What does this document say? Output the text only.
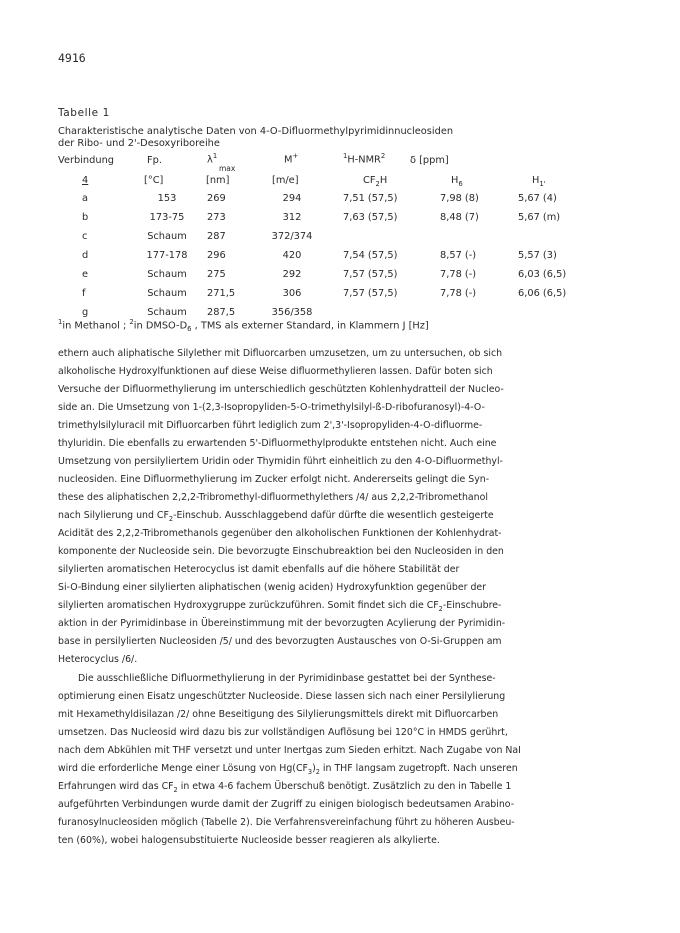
4916
Tabelle 1
Charakteristische analytische Daten von 4-O-Difluormethylpyrimidinnucleosiden
der Ribo- und 2'-Desoxyriboreihe
Verbindung	Fp.	$\lambda^1$
max
M+	$^1$H-NMR$^2$	δ [ppm]
4	[°C]	[nm]	[m/e]	$CF_2H$	$H_6$	$H_{1'}$
a	153	269	294	7,51 (57,5)	7,98 (8)	5,67 (4)
b	173-75	273	312	7,63 (57,5)	8,48 (7)	5,67 (m)
c	Schaum	287	372/374
d	177-178	296	420	7,54 (57,5)	8,57 (-)	5,57 (3)
e	Schaum	275	292	7,57 (57,5)	7,78 (-)	6,03 (6,5)
f	Schaum	271,5	306	7,57 (57,5)	7,78 (-)	6,06 (6,5)
g	Schaum	287,5	356/358
$^1$in Methanol ; $^2$in DMSO-$D_6$ , TMS als externer Standard, in Klammern J [Hz]
ethern auch aliphatische Silylether mit Difluorcarben umzusetzen, um zu untersuchen, ob sich
alkoholische Hydroxylfunktionen auf diese Weise difluormethylieren lassen. Dafür boten sich
Versuche der Difluormethylierung im unterschiedlich geschützten Kohlenhydratteil der Nucleo-
side an. Die Umsetzung von 1-(2,3-Isopropyliden-5-O-trimethylsilyl-ß-D-ribofuranosyl)-4-O-
trimethylsilyluracil mit Difluorcarben führt lediglich zum 2',3'-Isopropyliden-4-O-difluorme-
thyluridin. Die ebenfalls zu erwartenden 5'-Difluormethylprodukte entstehen nicht. Auch eine
Umsetzung von persilyliertem Uridin oder Thymidin führt einheitlich zu den 4-O-Difluormethyl-
nucleosiden. Eine Difluormethylierung im Zucker erfolgt nicht. Andererseits gelingt die Syn-
these des aliphatischen 2,2,2-Tribromethyl-difluormethylethers /4/ aus 2,2,2-Tribromethanol
nach Silylierung und $CF_2$-Einschub. Ausschlaggebend dafür dürfte die wesentlich gesteigerte
Acidität des 2,2,2-Tribromethanols gegenüber den alkoholischen Funktionen der Kohlenhydrat-
komponente der Nucleoside sein. Die bevorzugte Einschubreaktion bei den Nucleosiden in den
silylierten aromatischen Heterocyclus ist damit ebenfalls auf die höhere Stabilität der
Si-O-Bindung einer silylierten aliphatischen (wenig aciden) Hydroxyfunktion gegenüber der
silylierten aromatischen Hydroxygruppe zurückzuführen. Somit findet sich die $CF_2-Einschubre-$
aktion in der Pyrimidinbase in Übereinstimmung mit der bevorzugten Acylierung der Pyrimidin-
base in persilylierten Nucleosiden /5/ und des bevorzugten Austausches von O-Si-Gruppen am
Heterocyclus /6/.
Die ausschließliche Difluormethylierung in der Pyrimidinbase gestattet bei der Synthese-
optimierung einen Eisatz ungeschützter Nucleoside. Diese lassen sich nach einer Persilylierung
mit Hexamethyldisilazan /2/ ohne Beseitigung des Silylierungsmittels direkt mit Difluorcarben
umsetzen. Das Nucleosid wird dazu bis zur vollständigen Auflösung bei 120°C in HMDS gerührt,
nach dem Abkühlen mit THF versetzt und unter Inertgas zum Sieden erhitzt. Nach Zugabe von NaI
wird die erforderliche Menge einer Lösung von $Hg(CF_3)_2$ in THF langsam zugetropft. Nach unseren
Erfahrungen wird das $CF_2$ in etwa 4-6 fachem Überschuß benötigt. Zusätzlich zu den in Tabelle 1
aufgeführten Verbindungen wurde damit der Zugriff zu einigen biologisch bedeutsamen Arabino-
furanosylnucleosiden möglich (Tabelle 2). Die Verfahrensvereinfachung führt zu höheren Ausbeu-
ten (60%), wobei halogensubstituierte Nucleoside besser reagieren als alkylierte.
